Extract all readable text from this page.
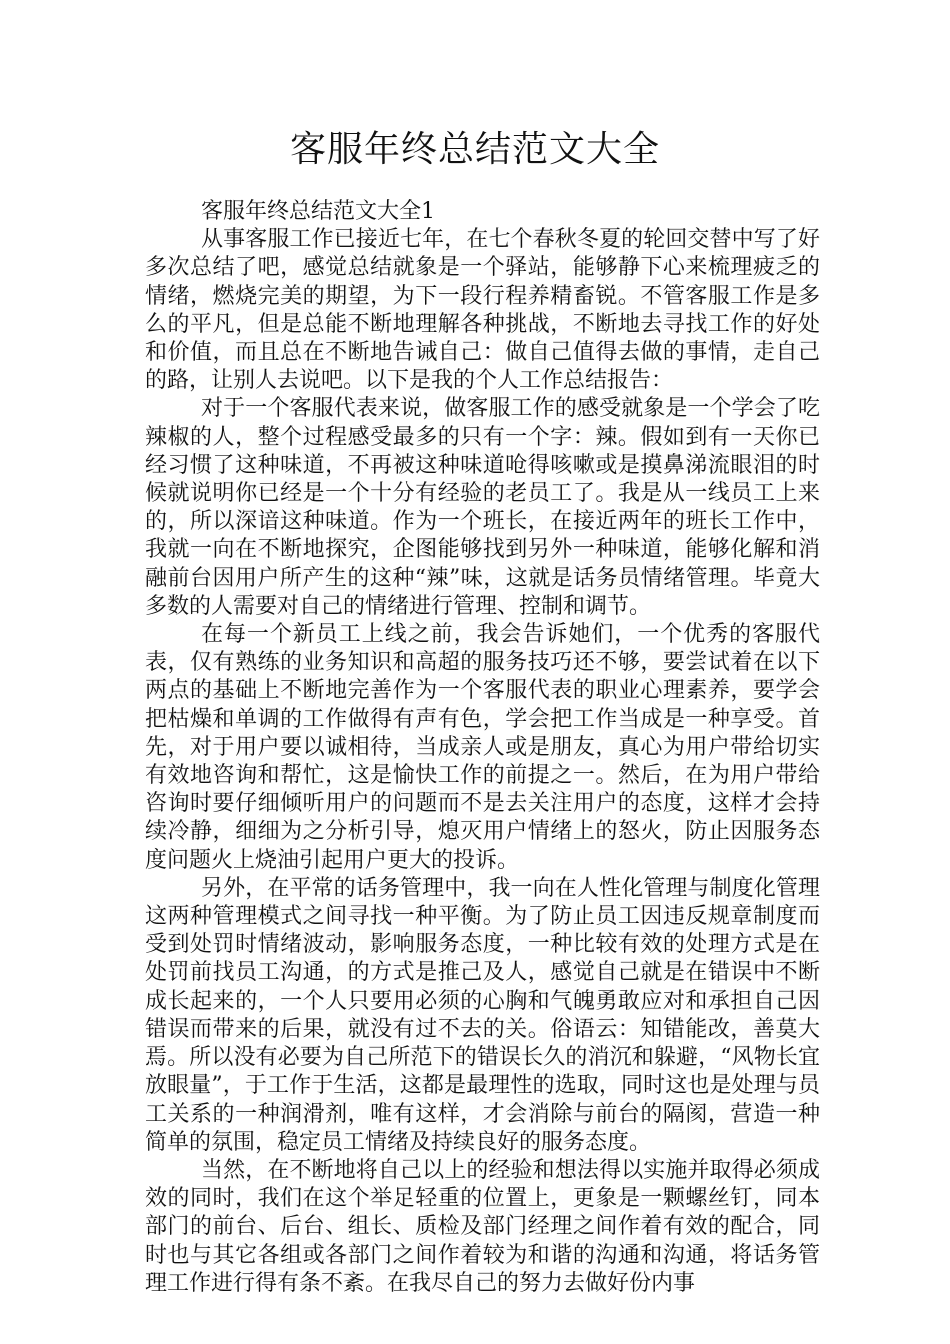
客服年终总结范文大全

客服年终总结范文大全1

从事客服工作已接近七年，在七个春秋冬夏的轮回交替中写了好多次总结了吧，感觉总结就象是一个驿站，能够静下心来梳理疲乏的情绪，燃烧完美的期望，为下一段行程养精畜锐。不管客服工作是多么的平凡，但是总能不断地理解各种挑战，不断地去寻找工作的好处和价值，而且总在不断地告诫自己：做自己值得去做的事情，走自己的路，让别人去说吧。以下是我的个人工作总结报告：

对于一个客服代表来说，做客服工作的感受就象是一个学会了吃辣椒的人，整个过程感受最多的只有一个字：辣。假如到有一天你已经习惯了这种味道，不再被这种味道呛得咳嗽或是摸鼻涕流眼泪的时候就说明你已经是一个十分有经验的老员工了。我是从一线员工上来的，所以深谙这种味道。作为一个班长，在接近两年的班长工作中，我就一向在不断地探究，企图能够找到另外一种味道，能够化解和消融前台因用户所产生的这种“辣”味，这就是话务员情绪管理。毕竟大多数的人需要对自己的情绪进行管理、控制和调节。

在每一个新员工上线之前，我会告诉她们，一个优秀的客服代表，仅有熟练的业务知识和高超的服务技巧还不够，要尝试着在以下两点的基础上不断地完善作为一个客服代表的职业心理素养，要学会把枯燥和单调的工作做得有声有色，学会把工作当成是一种享受。首先，对于用户要以诚相待，当成亲人或是朋友，真心为用户带给切实有效地咨询和帮忙，这是愉快工作的前提之一。然后，在为用户带给咨询时要仔细倾听用户的问题而不是去关注用户的态度，这样才会持续冷静，细细为之分析引导，熄灭用户情绪上的怒火，防止因服务态度问题火上烧油引起用户更大的投诉。

另外，在平常的话务管理中，我一向在人性化管理与制度化管理这两种管理模式之间寻找一种平衡。为了防止员工因违反规章制度而受到处罚时情绪波动，影响服务态度，一种比较有效的处理方式是在处罚前找员工沟通，的方式是推己及人，感觉自己就是在错误中不断成长起来的，一个人只要用必须的心胸和气魄勇敢应对和承担自己因错误而带来的后果，就没有过不去的关。俗语云：知错能改，善莫大焉。所以没有必要为自己所范下的错误长久的消沉和躲避，“风物长宜放眼量”，于工作于生活，这都是最理性的选取，同时这也是处理与员工关系的一种润滑剂，唯有这样，才会消除与前台的隔阂，营造一种简单的氛围，稳定员工情绪及持续良好的服务态度。

当然，在不断地将自己以上的经验和想法得以实施并取得必须成效的同时，我们在这个举足轻重的位置上，更象是一颗螺丝钉，同本部门的前台、后台、组长、质检及部门经理之间作着有效的配合，同时也与其它各组或各部门之间作着较为和谐的沟通和沟通，将话务管理工作进行得有条不紊。在我尽自己的努力去做好份内事
